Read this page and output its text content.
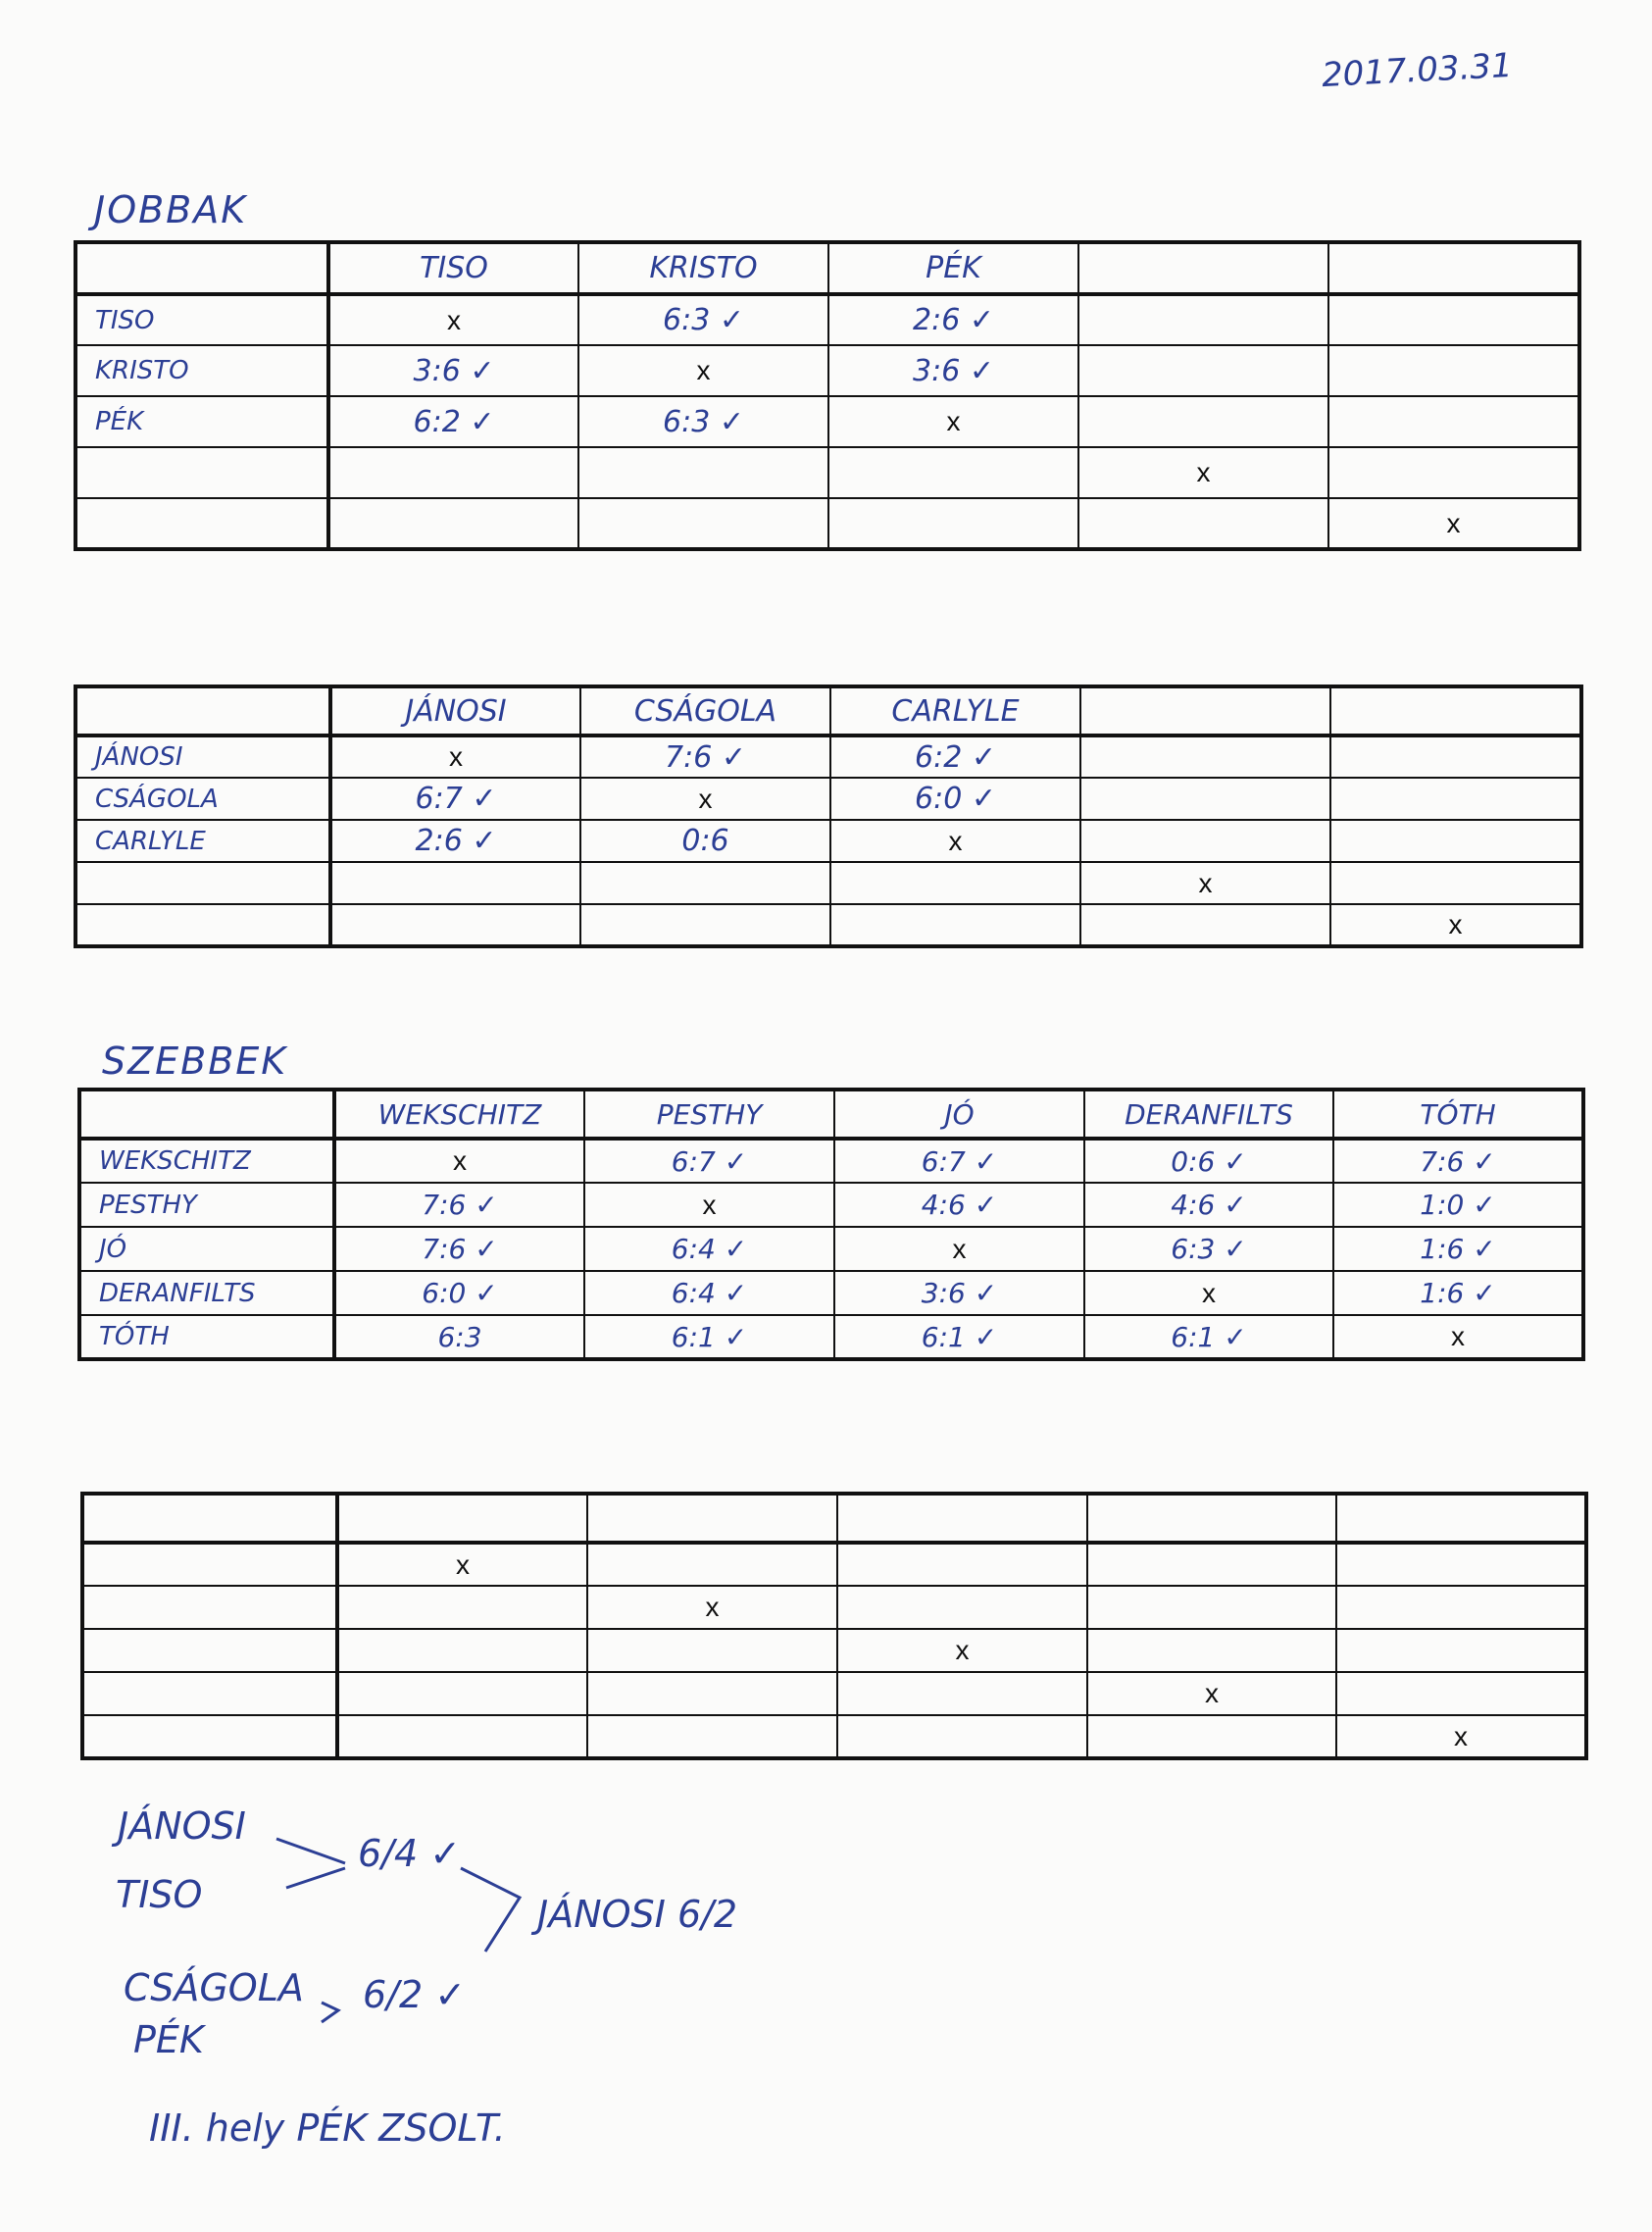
2017.03.31
JOBBAK
	TISO	KRISTO	PÉK		
TISO	x	6:3 ✓	2:6 ✓		
KRISTO	3:6 ✓	x	3:6 ✓		
PÉK	6:2 ✓	6:3 ✓	x		
				x	
					x
	JÁNOSI	CSÁGOLA	CARLYLE		
JÁNOSI	x	7:6 ✓	6:2 ✓		
CSÁGOLA	6:7 ✓	x	6:0 ✓		
CARLYLE	2:6 ✓	0:6	x		
				x	
					x
SZEBBEK
	WEKSCHITZ	PESTHY	JÓ	DERANFILTS	TÓTH
WEKSCHITZ	x	6:7 ✓	6:7 ✓	0:6 ✓	7:6 ✓
PESTHY	7:6 ✓	x	4:6 ✓	4:6 ✓	1:0 ✓
JÓ	7:6 ✓	6:4 ✓	x	6:3 ✓	1:6 ✓
DERANFILTS	6:0 ✓	6:4 ✓	3:6 ✓	x	1:6 ✓
TÓTH	6:3	6:1 ✓	6:1 ✓	6:1 ✓	x

	x				
		x			
			x		
				x	
					x
JÁNOSI
TISO
6/4 ✓
JÁNOSI 6/2
CSÁGOLA 6/2 ✓
PÉK
III. hely PÉK ZSOLT.
